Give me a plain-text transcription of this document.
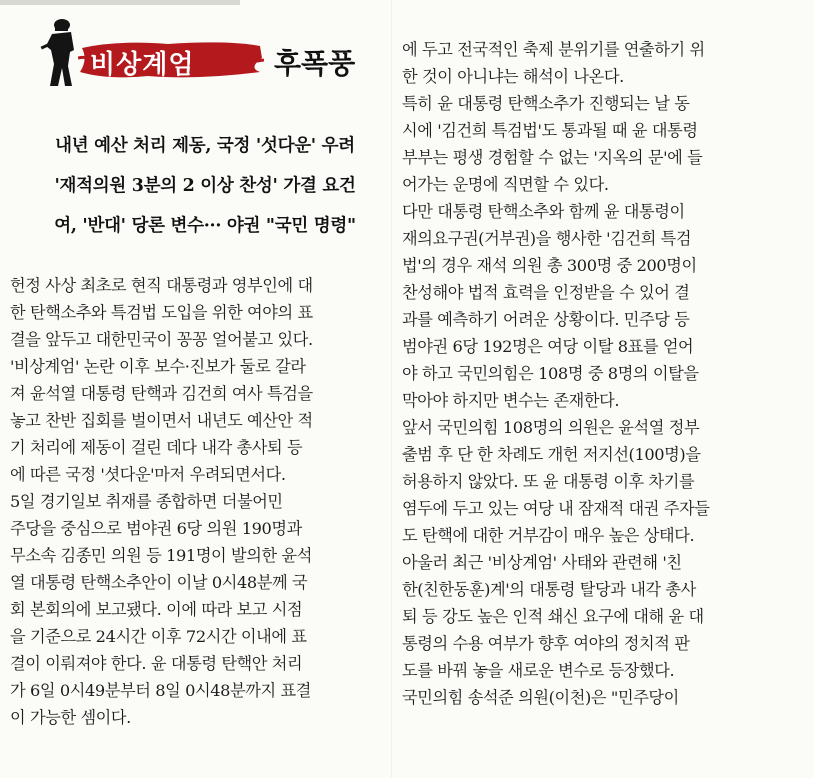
비상계엄	후폭풍
내년 예산 처리 제동, 국정 '섯다운' 우려
'재적의원 3분의 2 이상 찬성' 가결 요건
여, '반대' 당론 변수··· 야권 "국민 명령"
헌정 사상 최초로 현직 대통령과 영부인에 대
한 탄핵소추와 특검법 도입을 위한 여야의 표
결을 앞두고 대한민국이 꽁꽁 얼어붙고 있다.
'비상계엄' 논란 이후 보수·진보가 둘로 갈라
져 윤석열 대통령 탄핵과 김건희 여사 특검을
놓고 찬반 집회를 벌이면서 내년도 예산안 적
기 처리에 제동이 걸린 데다 내각 총사퇴 등
에 따른 국정 '셧다운'마저 우려되면서다.
5일 경기일보 취재를 종합하면 더불어민
주당을 중심으로 범야권 6당 의원 190명과
무소속 김종민 의원 등 191명이 발의한 윤석
열 대통령 탄핵소추안이 이날 0시48분께 국
회 본회의에 보고됐다. 이에 따라 보고 시점
을 기준으로 24시간 이후 72시간 이내에 표
결이 이뤄져야 한다. 윤 대통령 탄핵안 처리
가 6일 0시49분부터 8일 0시48분까지 표결
이 가능한 셈이다.
에 두고 전국적인 축제 분위기를 연출하기 위
한 것이 아니냐는 해석이 나온다.
특히 윤 대통령 탄핵소추가 진행되는 날 동
시에 '김건희 특검법'도 통과될 때 윤 대통령
부부는 평생 경험할 수 없는 '지옥의 문'에 들
어가는 운명에 직면할 수 있다.
다만 대통령 탄핵소추와 함께 윤 대통령이
재의요구권(거부권)을 행사한 '김건희 특검
법'의 경우 재석 의원 총 300명 중 200명이
찬성해야 법적 효력을 인정받을 수 있어 결
과를 예측하기 어려운 상황이다. 민주당 등
범야권 6당 192명은 여당 이탈 8표를 얻어
야 하고 국민의힘은 108명 중 8명의 이탈을
막아야 하지만 변수는 존재한다.
앞서 국민의힘 108명의 의원은 윤석열 정부
출범 후 단 한 차례도 개헌 저지선(100명)을
허용하지 않았다. 또 윤 대통령 이후 차기를
염두에 두고 있는 여당 내 잠재적 대권 주자들
도 탄핵에 대한 거부감이 매우 높은 상태다.
아울러 최근 '비상계엄' 사태와 관련해 '친
한(친한동훈)계'의 대통령 탈당과 내각 총사
퇴 등 강도 높은 인적 쇄신 요구에 대해 윤 대
통령의 수용 여부가 향후 여야의 정치적 판
도를 바꿔 놓을 새로운 변수로 등장했다.
국민의힘 송석준 의원(이천)은 "민주당이
